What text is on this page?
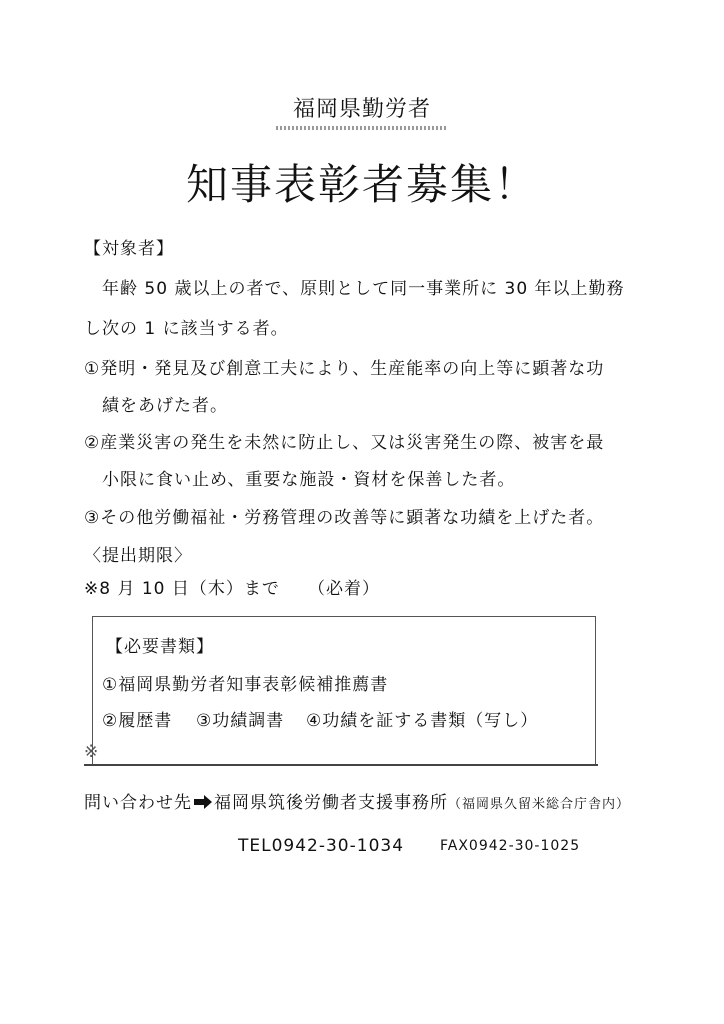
福岡県勤労者
知事表彰者募集！
【対象者】
年齢 50 歳以上の者で、原則として同一事業所に 30 年以上勤務
し次の 1 に該当する者。
①発明・発見及び創意工夫により、生産能率の向上等に顕著な功
績をあげた者。
②産業災害の発生を未然に防止し、又は災害発生の際、被害を最
小限に食い止め、重要な施設・資材を保善した者。
③その他労働福祉・労務管理の改善等に顕著な功績を上げた者。
〈提出期限〉
※8 月 10 日（木）まで （必着）
【必要書類】
①福岡県勤労者知事表彰候補推薦書
②履歴書 ③功績調書 ④功績を証する書類（写し）
※
問い合わせ先 福岡県筑後労働者支援事務所（福岡県久留米総合庁舎内）
TEL0942-30-1034	FAX0942-30-1025
